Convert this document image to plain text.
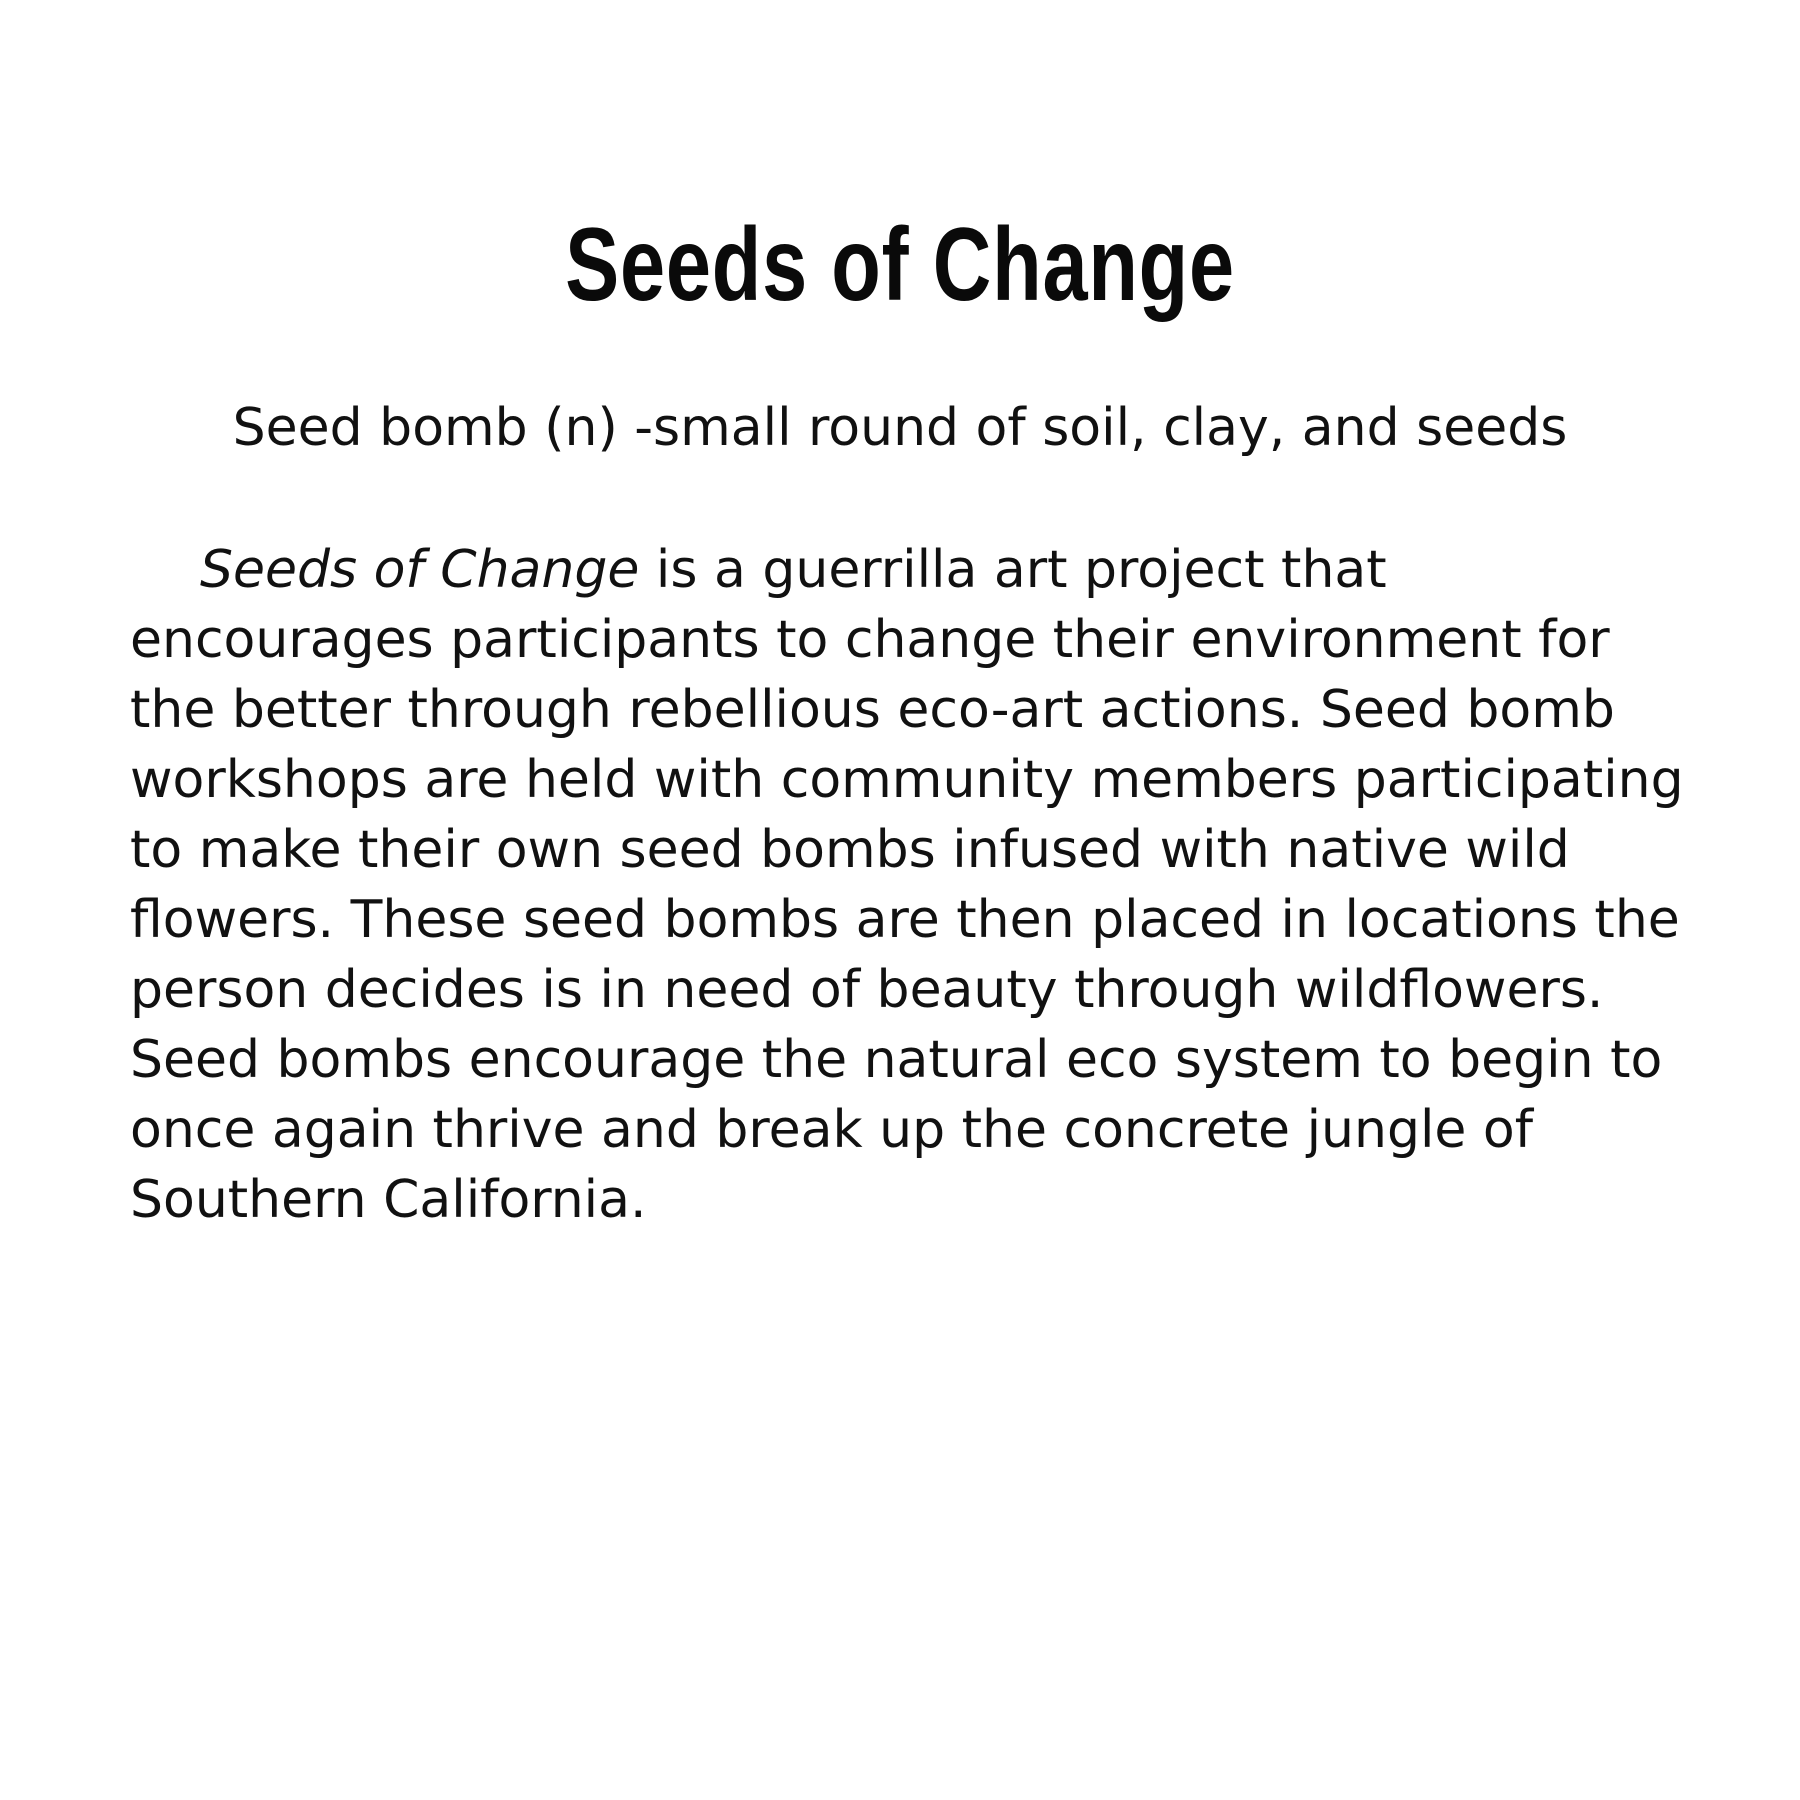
Seeds of Change

Seed bomb (n) -small round of soil, clay, and seeds

Seeds of Change is a guerrilla art project that
encourages participants to change their environment for
the better through rebellious eco-art actions. Seed bomb
workshops are held with community members participating
to make their own seed bombs infused with native wild
flowers. These seed bombs are then placed in locations the
person decides is in need of beauty through wildflowers.
Seed bombs encourage the natural eco system to begin to
once again thrive and break up the concrete jungle of
Southern California.
